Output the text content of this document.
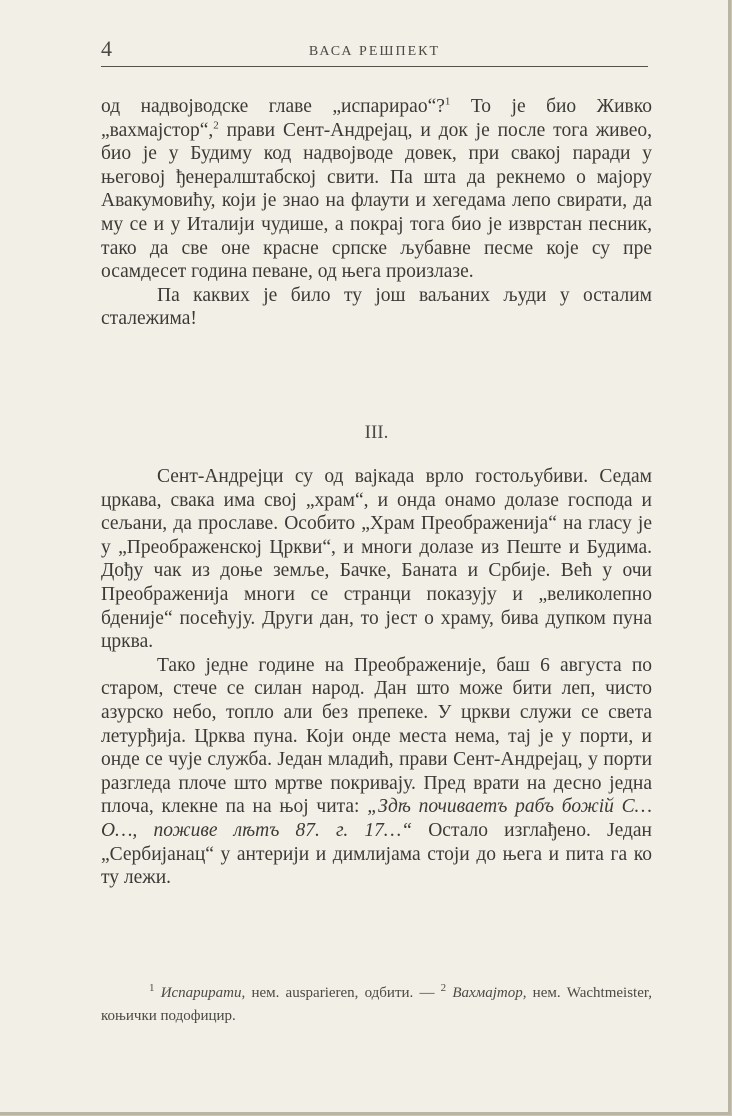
4	ВАСА РЕШПЕКТ

од надвојводске главе „испарирао“?$^1$ То је био Живко „вахмајстор“,$^2$ прави Сент-Андрејац, и док је после тога живео, био је у Будиму код надвојводе довек, при свакој паради у његовој ђенералштабској свити. Па шта да рекнемо о мајору Авакумовићу, који је знао на флаути и хегедама лепо свирати, да му се и у Италији чудише, а покрај тога био је изврстан песник, тако да све оне красне српске љубавне песме које су пре осамдесет година певане, од њега произлазе.

Па каквих је било ту још ваљаних људи у осталим сталежима!

III.

Сент-Андрејци су од вајкада врло гостољубиви. Седам цркава, свака има свој „храм“, и онда онамо долазе господа и сељани, да прославе. Особито „Храм Преображенија“ на гласу је у „Преображенској Цркви“, и многи долазе из Пеште и Будима. Дођу чак из доње земље, Бачке, Баната и Србије. Већ у очи Преображенија многи се странци показују и „великолепно бденије“ посећују. Други дан, то јест о храму, бива дупком пуна црква.

Тако једне године на Преображеније, баш 6 августа по старом, стече се силан народ. Дан што може бити леп, чисто азурско небо, топло али без препеке. У цркви служи се света летурђија. Црква пуна. Који онде места нема, тај је у порти, и онде се чује служба. Један младић, прави Сент-Андрејац, у порти разгледа плоче што мртве покривају. Пред врати на десно једна плоча, клекне па на њој чита: „Здѣ почиваетъ рабъ божій С… О…, поживе лѣтъ 87. г. 17…“ Остало изглађено. Један „Сербијанац“ у антерији и димлијама стоји до њега и пита га ко ту лежи.

$^1$ Испарирати, нем. ausparieren, одбити. — $^2$ Вахмајтор, нем. Wachtmeister, коњички подофицир.
